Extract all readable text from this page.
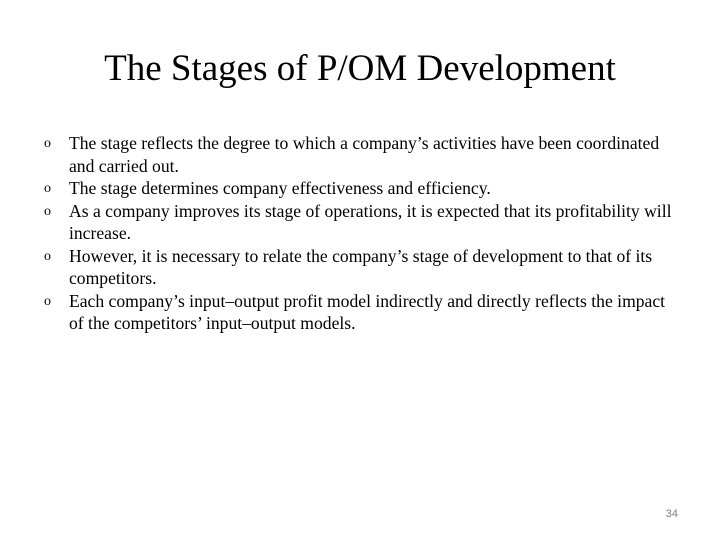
The Stages of P/OM Development
o The stage reflects the degree to which a company’s activities have been coordinated and carried out.
o The stage determines company effectiveness and efficiency.
o As a company improves its stage of operations, it is expected that its profitability will increase.
o However, it is necessary to relate the company’s stage of development to that of its competitors.
o Each company’s input–output profit model indirectly and directly reflects the impact of the competitors’ input–output models.
34
